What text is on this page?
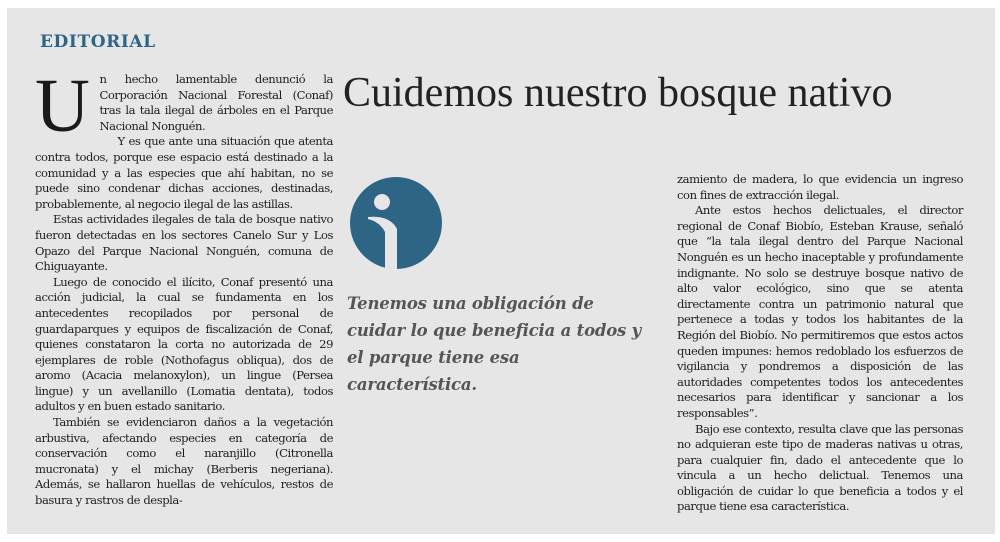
EDITORIAL
Cuidemos nuestro bosque nativo

Un hecho lamentable denunció la Corporación Nacional Forestal (Conaf) tras la tala ilegal de árboles en el Parque Nacional Nonguén.

Y es que ante una situación que atenta contra todos, porque ese espacio está destinado a la comunidad y a las especies que ahí habitan, no se puede sino condenar dichas acciones, destinadas, probablemente, al negocio ilegal de las astillas.

Estas actividades ilegales de tala de bosque nativo fueron detectadas en los sectores Canelo Sur y Los Opazo del Parque Nacional Nonguén, comuna de Chiguayante.

Luego de conocido el ilícito, Conaf presentó una acción judicial, la cual se fundamenta en los antecedentes recopilados por personal de guardaparques y equipos de fiscalización de Conaf, quienes constataron la corta no autorizada de 29 ejemplares de roble (Nothofagus obliqua), dos de aromo (Acacia melanoxylon), un lingue (Persea lingue) y un avellanillo (Lomatia dentata), todos adultos y en buen estado sanitario.

También se evidenciaron daños a la vegetación arbustiva, afectando especies en categoría de conservación como el naranjillo (Citronella mucronata) y el michay (Berberis negeriana). Además, se hallaron huellas de vehículos, restos de basura y rastros de despla-

Tenemos una obligación de cuidar lo que beneficia a todos y el parque tiene esa característica.

zamiento de madera, lo que evidencia un ingreso con fines de extracción ilegal.

Ante estos hechos delictuales, el director regional de Conaf Biobío, Esteban Krause, señaló que “la tala ilegal dentro del Parque Nacional Nonguén es un hecho inaceptable y profundamente indignante. No solo se destruye bosque nativo de alto valor ecológico, sino que se atenta directamente contra un patrimonio natural que pertenece a todas y todos los habitantes de la Región del Biobío. No permitiremos que estos actos queden impunes: hemos redoblado los esfuerzos de vigilancia y pondremos a disposición de las autoridades competentes todos los antecedentes necesarios para identificar y sancionar a los responsables”.

Bajo ese contexto, resulta clave que las personas no adquieran este tipo de maderas nativas u otras, para cualquier fin, dado el antecedente que lo vincula a un hecho delictual. Tenemos una obligación de cuidar lo que beneficia a todos y el parque tiene esa característica.
